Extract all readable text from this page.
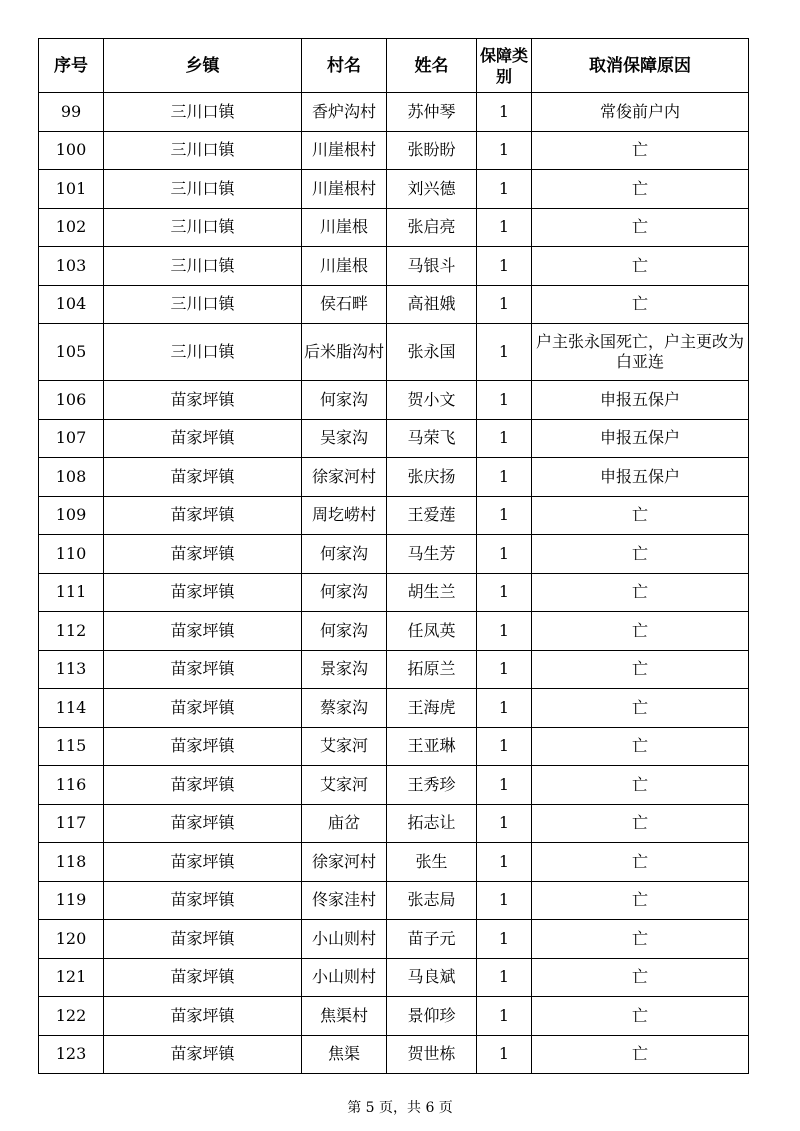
序号	乡镇	村名	姓名	保障类别	取消保障原因
99	三川口镇	香炉沟村	苏仲琴	1	常俊前户内
100	三川口镇	川崖根村	张盼盼	1	亡
101	三川口镇	川崖根村	刘兴德	1	亡
102	三川口镇	川崖根	张启亮	1	亡
103	三川口镇	川崖根	马银斗	1	亡
104	三川口镇	侯石畔	高祖娥	1	亡
105	三川口镇	后米脂沟村	张永国	1	户主张永国死亡，户主更改为白亚连
106	苗家坪镇	何家沟	贺小文	1	申报五保户
107	苗家坪镇	吴家沟	马荣飞	1	申报五保户
108	苗家坪镇	徐家河村	张庆扬	1	申报五保户
109	苗家坪镇	周圪崂村	王爱莲	1	亡
110	苗家坪镇	何家沟	马生芳	1	亡
111	苗家坪镇	何家沟	胡生兰	1	亡
112	苗家坪镇	何家沟	任凤英	1	亡
113	苗家坪镇	景家沟	拓原兰	1	亡
114	苗家坪镇	蔡家沟	王海虎	1	亡
115	苗家坪镇	艾家河	王亚琳	1	亡
116	苗家坪镇	艾家河	王秀珍	1	亡
117	苗家坪镇	庙岔	拓志让	1	亡
118	苗家坪镇	徐家河村	张生	1	亡
119	苗家坪镇	佟家洼村	张志局	1	亡
120	苗家坪镇	小山则村	苗子元	1	亡
121	苗家坪镇	小山则村	马良斌	1	亡
122	苗家坪镇	焦渠村	景仰珍	1	亡
123	苗家坪镇	焦渠	贺世栋	1	亡
第 5 页，共 6 页
